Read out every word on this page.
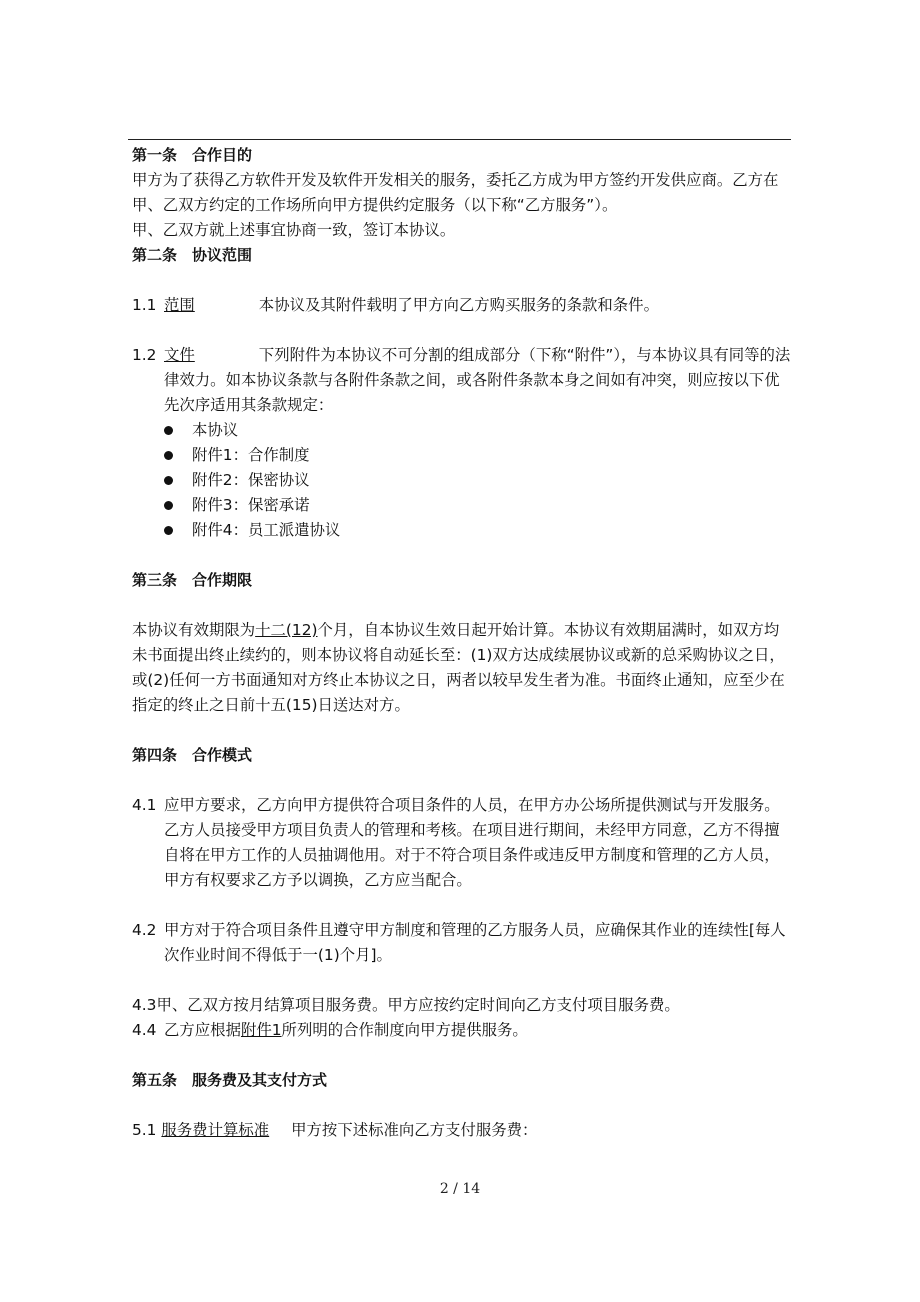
第一条　合作目的

甲方为了获得乙方软件开发及软件开发相关的服务，委托乙方成为甲方签约开发供应商。乙方在甲、乙双方约定的工作场所向甲方提供约定服务（以下称“乙方服务”）。

甲、乙双方就上述事宜协商一致，签订本协议。

第二条　协议范围

1.1 范围	本协议及其附件载明了甲方向乙方购买服务的条款和条件。

1.2 文件	下列附件为本协议不可分割的组成部分（下称“附件”），与本协议具有同等的法律效力。如本协议条款与各附件条款之间，或各附件条款本身之间如有冲突，则应按以下优先次序适用其条款规定：

本协议
附件1：合作制度
附件2：保密协议
附件3：保密承诺
附件4：员工派遣协议
第三条　合作期限

本协议有效期限为十二(12)个月，自本协议生效日起开始计算。本协议有效期届满时，如双方均未书面提出终止续约的，则本协议将自动延长至：(1)双方达成续展协议或新的总采购协议之日，或(2)任何一方书面通知对方终止本协议之日，两者以较早发生者为准。书面终止通知，应至少在指定的终止之日前十五(15)日送达对方。

第四条　合作模式

4.1 应甲方要求，乙方向甲方提供符合项目条件的人员，在甲方办公场所提供测试与开发服务。乙方人员接受甲方项目负责人的管理和考核。在项目进行期间，未经甲方同意，乙方不得擅自将在甲方工作的人员抽调他用。对于不符合项目条件或违反甲方制度和管理的乙方人员，甲方有权要求乙方予以调换，乙方应当配合。

4.2 甲方对于符合项目条件且遵守甲方制度和管理的乙方服务人员，应确保其作业的连续性[每人次作业时间不得低于一(1)个月]。

4.3甲、乙双方按月结算项目服务费。甲方应按约定时间向乙方支付项目服务费。

4.4 乙方应根据附件1所列明的合作制度向甲方提供服务。

第五条　服务费及其支付方式

5.1 服务费计算标准 甲方按下述标准向乙方支付服务费：

2 / 14
